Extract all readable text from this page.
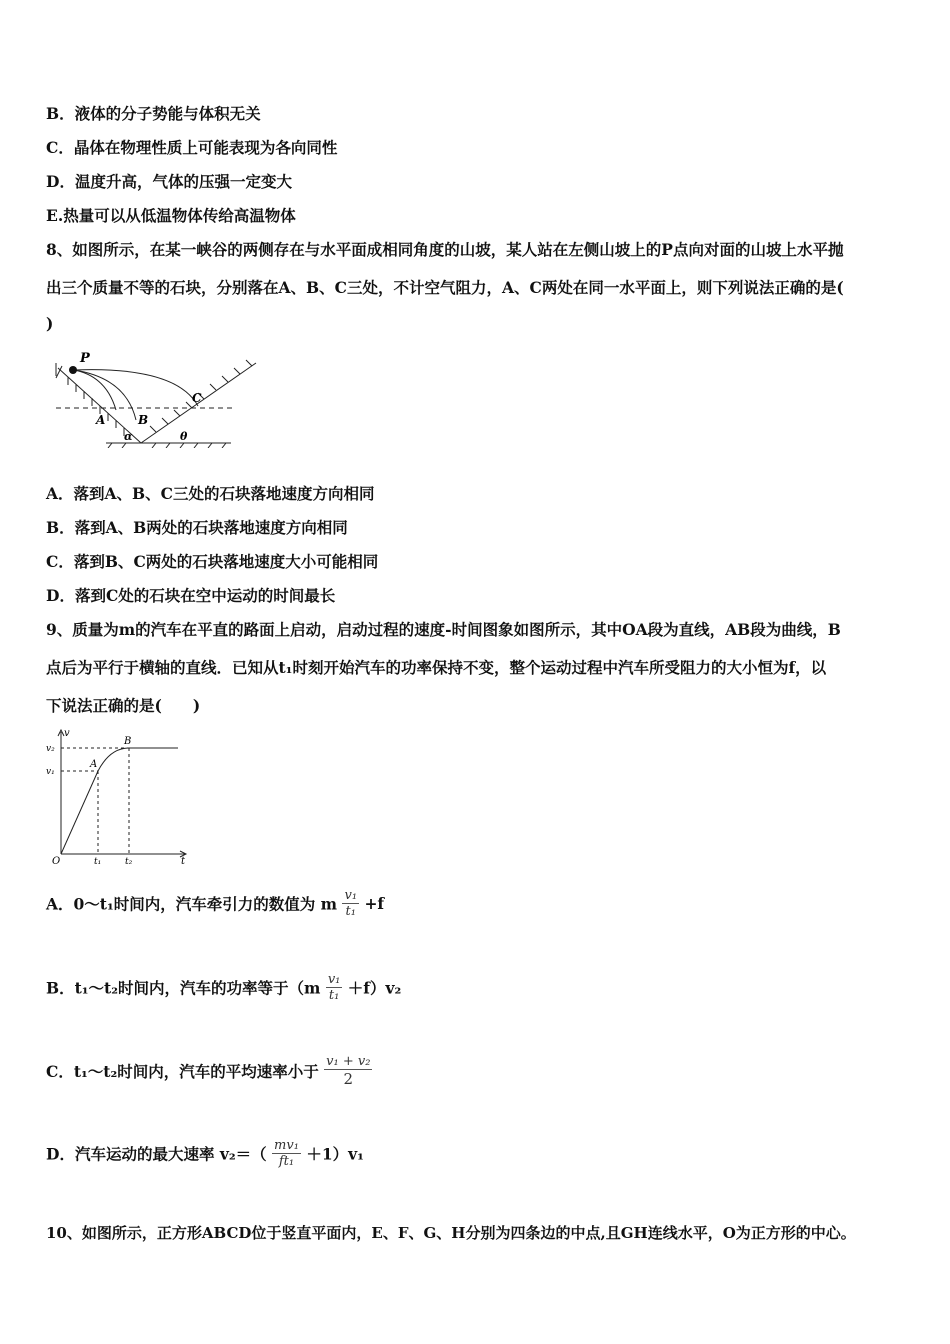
B．液体的分子势能与体积无关
C．晶体在物理性质上可能表现为各向同性
D．温度升高，气体的压强一定变大
E.热量可以从低温物体传给高温物体
8、如图所示，在某一峡谷的两侧存在与水平面成相同角度的山坡，某人站在左侧山坡上的P点向对面的山坡上水平抛
出三个质量不等的石块，分别落在A、B、C三处，不计空气阻力，A、C两处在同一水平面上，则下列说法正确的是(
)
P
A	B
C
α	θ
A．落到A、B、C三处的石块落地速度方向相同
B．落到A、B两处的石块落地速度方向相同
C．落到B、C两处的石块落地速度大小可能相同
D．落到C处的石块在空中运动的时间最长
9、质量为m的汽车在平直的路面上启动，启动过程的速度-时间图象如图所示，其中OA段为直线，AB段为曲线，B
点后为平行于横轴的直线．已知从t₁时刻开始汽车的功率保持不变，整个运动过程中汽车所受阻力的大小恒为f，以
下说法正确的是(　　)
v
v₂
v₁
A
B
O	t₁	t₂	t
A．0～t₁时间内，汽车牵引力的数值为 m $\frac{\text{v₁}}{\text{t₁}} +f$
B．t₁～t₂时间内，汽车的功率等于$(m \frac{\text{v₁}}{\text{t₁}} +f)v_2$
C．t₁～t₂时间内，汽车的平均速率小于 $\frac{\text{v₁ + v₂}}{2}$
D．汽车运动的最大速率 $v_2=( \frac{\text{mv₁}}{\text{ft₁}} +1)v_1$
10、如图所示，正方形ABCD位于竖直平面内，E、F、G、H分别为四条边的中点,且GH连线水平，O为正方形的中心。
